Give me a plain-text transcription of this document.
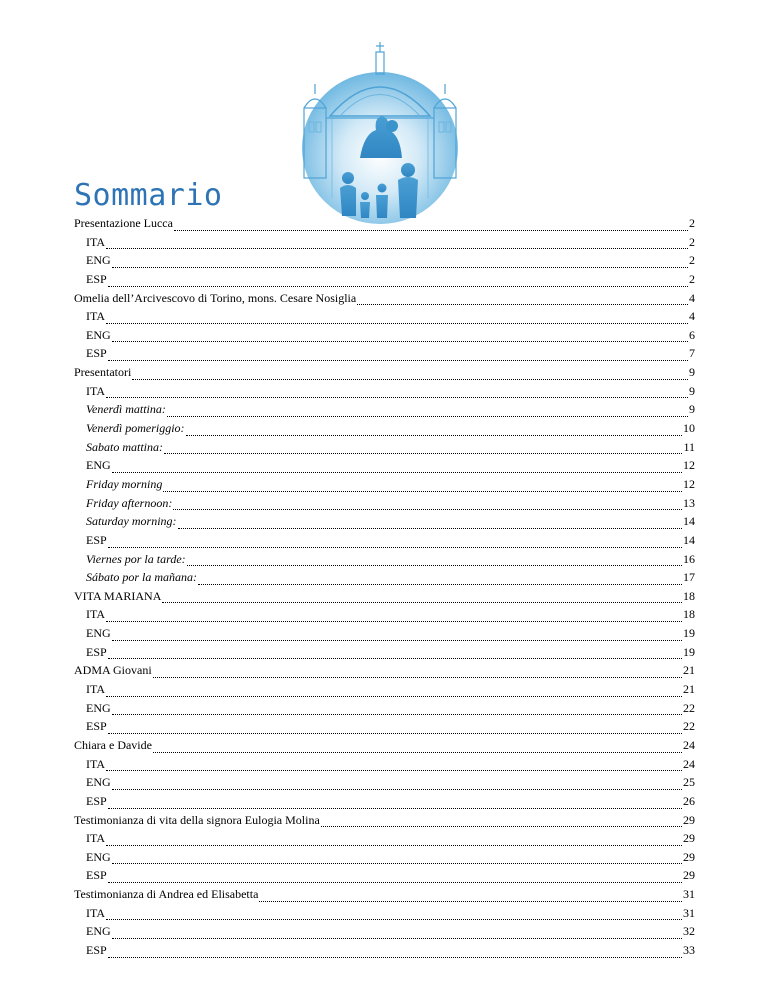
Sommario
Presentazione Lucca	2
ITA	2
ENG	2
ESP	2
Omelia dell’Arcivescovo di Torino, mons. Cesare Nosiglia	4
ITA	4
ENG	6
ESP	7
Presentatori	9
ITA	9
Venerdì mattina:	9
Venerdì pomeriggio:	10
Sabato mattina:	11
ENG	12
Friday morning	12
Friday afternoon:	13
Saturday morning:	14
ESP	14
Viernes por la tarde:	16
Sábato por la mañana:	17
VITA MARIANA	18
ITA	18
ENG	19
ESP	19
ADMA Giovani	21
ITA	21
ENG	22
ESP	22
Chiara e Davide	24
ITA	24
ENG	25
ESP	26
Testimonianza di vita della signora Eulogia Molina	29
ITA	29
ENG	29
ESP	29
Testimonianza di Andrea ed Elisabetta	31
ITA	31
ENG	32
ESP	33
